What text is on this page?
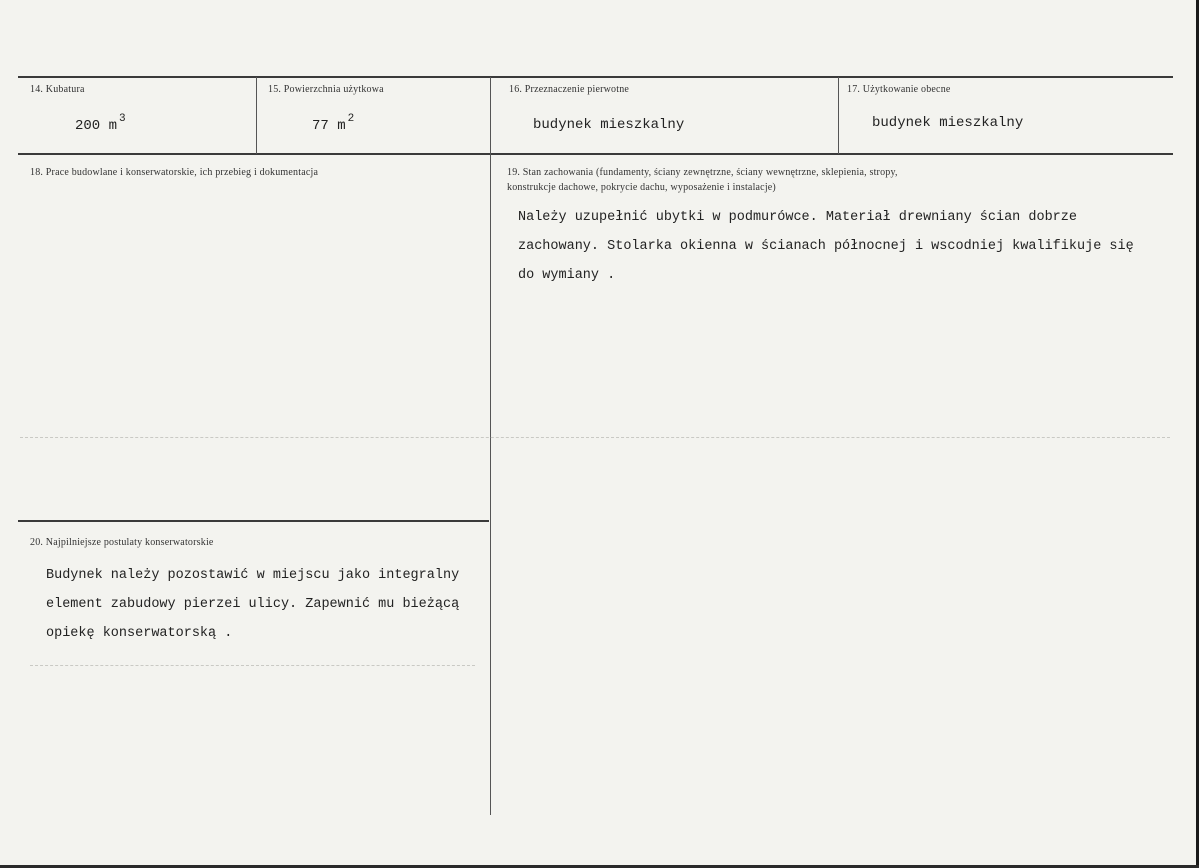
14. Kubatura
200 m $^3$
15. Powierzchnia użytkowa
77 m $^2$
16. Przeznaczenie pierwotne
budynek mieszkalny
17. Użytkowanie obecne
budynek mieszkalny
18. Prace budowlane i konserwatorskie, ich przebieg i dokumentacja	19. Stan zachowania (fundamenty, ściany zewnętrzne, ściany wewnętrzne, sklepienia, stropy,
konstrukcje dachowe, pokrycie dachu, wyposażenie i instalacje)
Należy uzupełnić ubytki w podmurówce. Materiał drewniany ścian dobrze
zachowany. Stolarka okienna w ścianach północnej i wscodniej kwalifikuje się
do wymiany .
20. Najpilniejsze postulaty konserwatorskie
Budynek należy pozostawić w miejscu jako integralny
element zabudowy pierzei ulicy. Zapewnić mu bieżącą
opiekę konserwatorską .
